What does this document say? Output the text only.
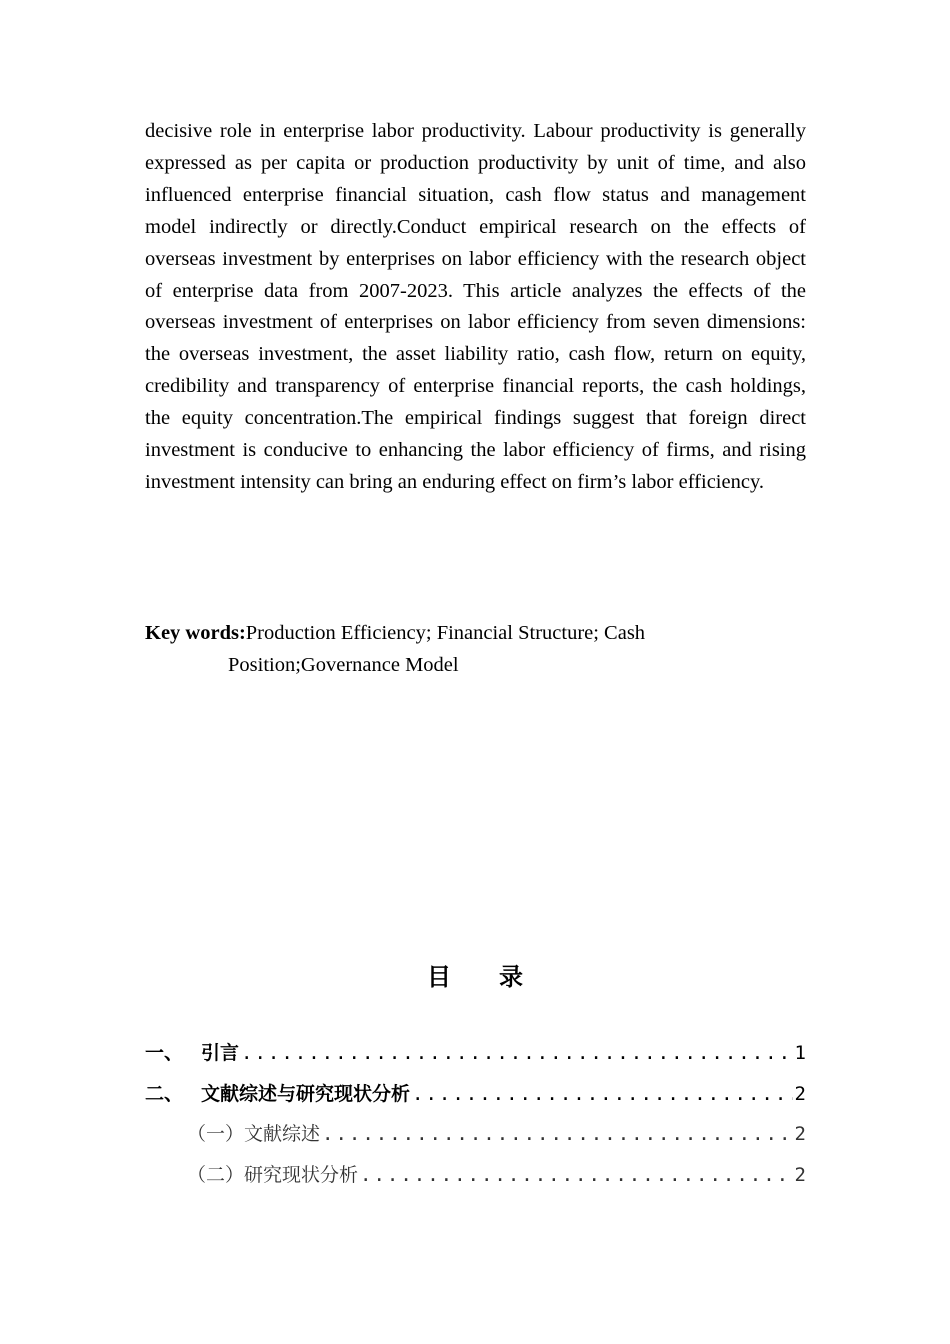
decisive role in enterprise labor productivity. Labour productivity is generally expressed as per capita or production productivity by unit of time, and also influenced enterprise financial situation, cash flow status and management model indirectly or directly.Conduct empirical research on the effects of overseas investment by enterprises on labor efficiency with the research object of enterprise data from 2007-2023. This article analyzes the effects of the overseas investment of enterprises on labor efficiency from seven dimensions: the overseas investment, the asset liability ratio, cash flow, return on equity, credibility and transparency of enterprise financial reports, the cash holdings, the equity concentration.The empirical findings suggest that foreign direct investment is conducive to enhancing the labor efficiency of firms, and rising investment intensity can bring an enduring effect on firm’s labor efficiency.

Key words:Production Efficiency; Financial Structure; Cash
Position;Governance Model

目 录
一、 引言 .....	1
二、 文献综述与研究现状分析 .....	2
（一） 文献综述 .....	2
（二） 研究现状分析 .....	2
